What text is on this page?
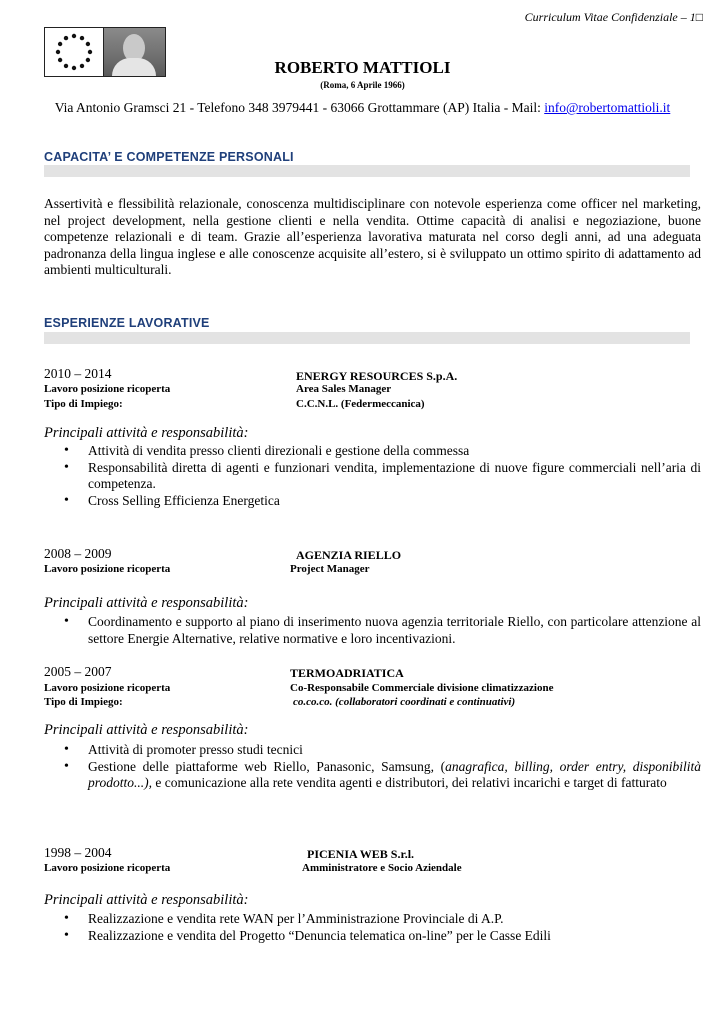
Curriculum Vitae Confidenziale – 1□
ROBERTO MATTIOLI
(Roma, 6 Aprile 1966)
Via Antonio Gramsci 21 - Telefono 348 3979441 - 63066 Grottammare (AP) Italia - Mail: info@robertomattioli.it
CAPACITA’ E COMPETENZE PERSONALI
Assertività e flessibilità relazionale, conoscenza multidisciplinare con notevole esperienza come officer nel marketing, nel project development, nella gestione clienti e nella vendita. Ottime capacità di analisi e negoziazione, buone competenze relazionali e di team. Grazie all’esperienza lavorativa maturata nel corso degli anni, ad una adeguata padronanza della lingua inglese e alle conoscenze acquisite all’estero, si è sviluppato un ottimo spirito di adattamento ad ambienti multiculturali.
ESPERIENZE LAVORATIVE
2010 – 2014	ENERGY RESOURCES S.p.A.
Lavoro posizione ricoperta	Area Sales Manager
Tipo di Impiego:	C.C.N.L. (Federmeccanica)
Principali attività e responsabilità:
• Attività di vendita presso clienti direzionali e gestione della commessa
• Responsabilità diretta di agenti e funzionari vendita, implementazione di nuove figure commerciali nell’aria di competenza.
• Cross Selling Efficienza Energetica
2008 – 2009	AGENZIA RIELLO
Lavoro posizione ricoperta	Project Manager
Principali attività e responsabilità:
• Coordinamento e supporto al piano di inserimento nuova agenzia territoriale Riello, con particolare attenzione al settore Energie Alternative, relative normative e loro incentivazioni.
2005 – 2007	TERMOADRIATICA
Lavoro posizione ricoperta	Co-Responsabile Commerciale divisione climatizzazione
Tipo di Impiego:	co.co.co. (collaboratori coordinati e continuativi)
Principali attività e responsabilità:
• Attività di promoter presso studi tecnici
• Gestione delle piattaforme web Riello, Panasonic, Samsung, (anagrafica, billing, order entry, disponibilità prodotto...), e comunicazione alla rete vendita agenti e distributori, dei relativi incarichi e target di fatturato
1998 – 2004	PICENIA WEB S.r.l.
Lavoro posizione ricoperta	Amministratore e Socio Aziendale
Principali attività e responsabilità:
• Realizzazione e vendita rete WAN per l’Amministrazione Provinciale di A.P.
• Realizzazione e vendita del Progetto “Denuncia telematica on-line” per le Casse Edili
